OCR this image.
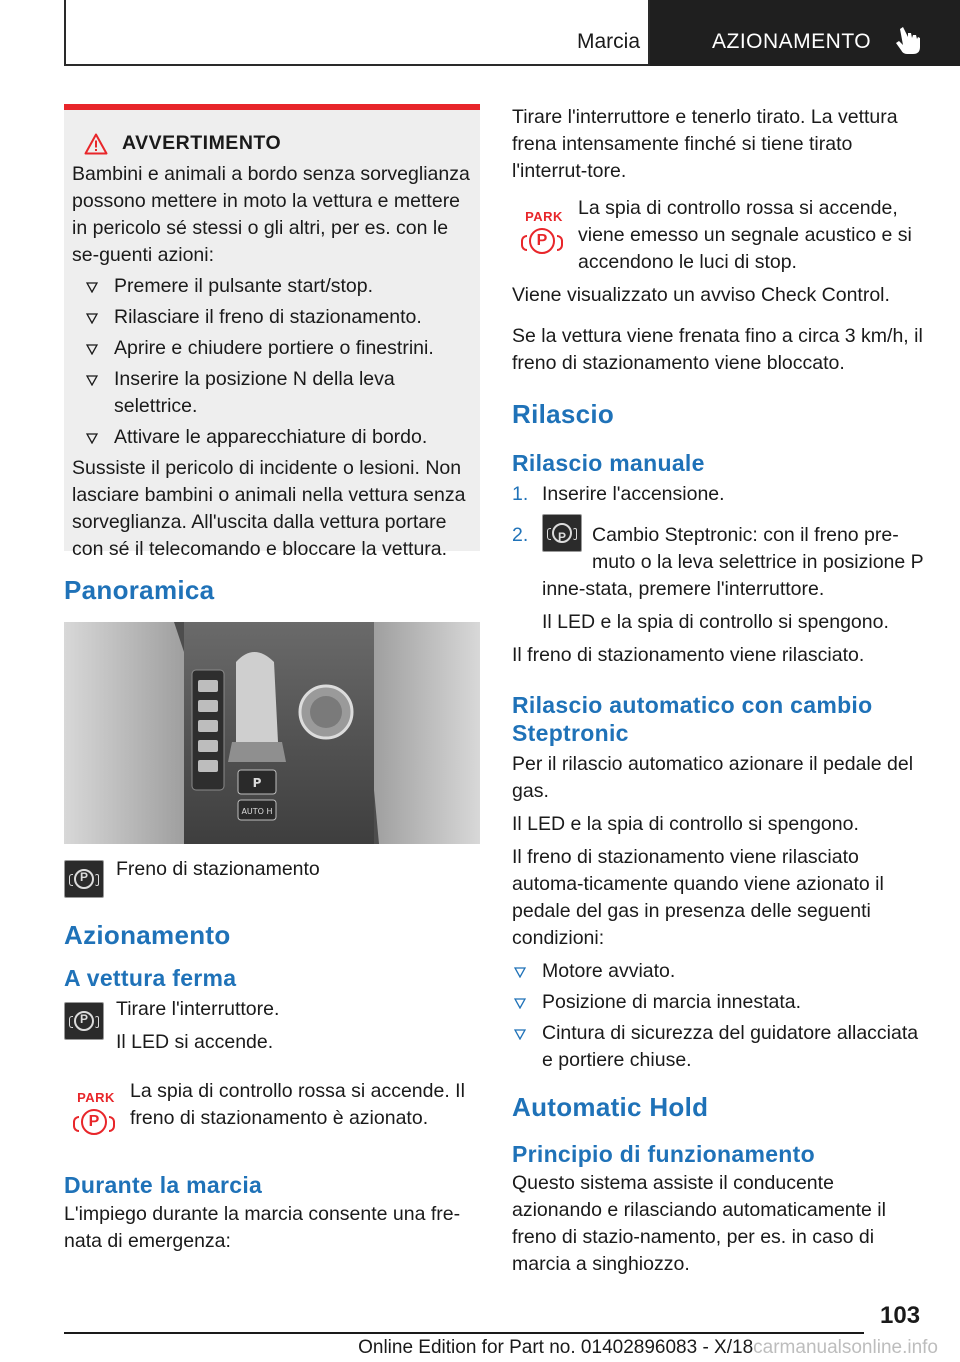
Marcia	AZIONAMENTO
AVVERTIMENTO

Bambini e animali a bordo senza sorveglianza possono mettere in moto la vettura e mettere in pericolo sé stessi o gli altri, per es. con le se-guenti azioni:

Premere il pulsante start/stop.
Rilasciare il freno di stazionamento.
Aprire e chiudere portiere o finestrini.
Inserire la posizione N della leva selettrice.
Attivare le apparecchiature di bordo.

Sussiste il pericolo di incidente o lesioni. Non lasciare bambini o animali nella vettura senza sorveglianza. All'uscita dalla vettura portare con sé il telecomando e bloccare la vettura.

Panoramica
P
AUTO H
P	Freno di stazionamento

Azionamento
A vettura ferma
P	Tirare l'interruttore.

Il LED si accende.

PARK
P

La spia di controllo rossa si accende. Il freno di stazionamento è azionato.

Durante la marcia

L'impiego durante la marcia consente una fre-nata di emergenza:

Tirare l'interruttore e tenerlo tirato. La vettura frena intensamente finché si tiene tirato l'interrut-tore.

PARK
P

La spia di controllo rossa si accende, viene emesso un segnale acustico e si accendono le luci di stop.

Viene visualizzato un avviso Check Control.

Se la vettura viene frenata fino a circa 3 km/h, il freno di stazionamento viene bloccato.

Rilascio
Rilascio manuale
1. Inserire l'accensione.
2.	P	Cambio Steptronic: con il freno pre-muto o la leva selettrice in posizione P inne-stata, premere l'interruttore.

Il LED e la spia di controllo si spengono.

Il freno di stazionamento viene rilasciato.

Rilascio automatico con cambio Steptronic

Per il rilascio automatico azionare il pedale del gas.

Il LED e la spia di controllo si spengono.

Il freno di stazionamento viene rilasciato automa-ticamente quando viene azionato il pedale del gas in presenza delle seguenti condizioni:

Motore avviato.
Posizione di marcia innestata.
Cintura di sicurezza del guidatore allacciata e portiere chiuse.
Automatic Hold
Principio di funzionamento

Questo sistema assiste il conducente azionando e rilasciando automaticamente il freno di stazio-namento, per es. in caso di marcia a singhiozzo.

103
Online Edition for Part no. 01402896083 - X/18carmanualsonline.info
